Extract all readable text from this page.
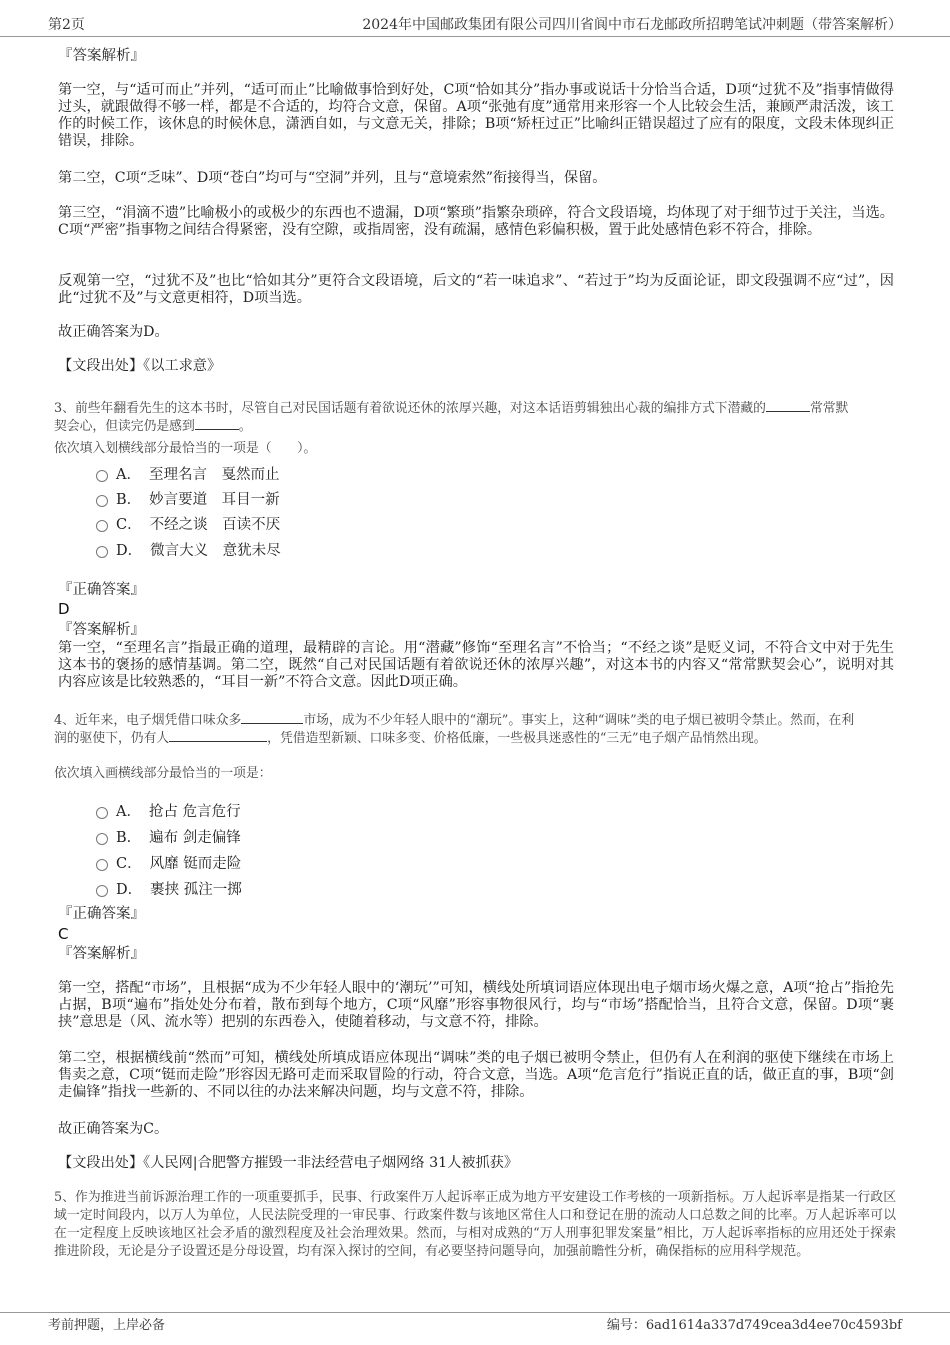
第2页	2024年中国邮政集团有限公司四川省阆中市石龙邮政所招聘笔试冲刺题（带答案解析）
『答案解析』

第一空，与“适可而止”并列，“适可而止”比喻做事恰到好处，C项“恰如其分”指办事或说话十分恰当合适，D项“过犹不及”指事情做得过头，就跟做得不够一样，都是不合适的，均符合文意，保留。A项“张弛有度”通常用来形容一个人比较会生活，兼顾严肃活泼，该工作的时候工作，该休息的时候休息，潇洒自如，与文意无关，排除；B项“矫枉过正”比喻纠正错误超过了应有的限度，文段未体现纠正错误，排除。

第二空，C项“乏味”、D项“苍白”均可与“空洞”并列，且与“意境索然”衔接得当，保留。

第三空，“涓滴不遗”比喻极小的或极少的东西也不遗漏，D项“繁琐”指繁杂琐碎，符合文段语境，均体现了对于细节过于关注，当选。C项“严密”指事物之间结合得紧密，没有空隙，或指周密，没有疏漏，感情色彩偏积极，置于此处感情色彩不符合，排除。

反观第一空，“过犹不及”也比“恰如其分”更符合文段语境，后文的“若一味追求”、“若过于”均为反面论证，即文段强调不应“过”，因此“过犹不及”与文意更相符，D项当选。

故正确答案为D。

【文段出处】《以工求意》

3、前些年翻看先生的这本书时，尽管自己对民国话题有着欲说还休的浓厚兴趣，对这本话语剪辑独出心裁的编排方式下潜藏的	常常默
契会心，但读完仍是感到	。

依次填入划横线部分最恰当的一项是（　　）。

A． 至理名言　戛然而止
B． 妙言要道　耳目一新
C． 不经之谈　百读不厌
D． 微言大义　意犹未尽
『正确答案』
D
『答案解析』

第一空，“至理名言”指最正确的道理，最精辟的言论。用“潜藏”修饰“至理名言”不恰当；“不经之谈”是贬义词，不符合文中对于先生这本书的褒扬的感情基调。第二空，既然“自己对民国话题有着欲说还休的浓厚兴趣”，对这本书的内容又“常常默契会心”，说明对其内容应该是比较熟悉的，“耳目一新”不符合文意。因此D项正确。

4、近年来，电子烟凭借口味众多	市场，成为不少年轻人眼中的“潮玩”。事实上，这种“调味”类的电子烟已被明令禁止。然而，在利
润的驱使下，仍有人	，凭借造型新颖、口味多变、价格低廉，一些极具迷惑性的“三无”电子烟产品悄然出现。

依次填入画横线部分最恰当的一项是：

A． 抢占 危言危行
B． 遍布 剑走偏锋
C． 风靡 铤而走险
D． 裹挟 孤注一掷
『正确答案』
C
『答案解析』

第一空，搭配“市场”，且根据“成为不少年轻人眼中的‘潮玩’”可知，横线处所填词语应体现出电子烟市场火爆之意，A项“抢占”指抢先占据，B项“遍布”指处处分布着，散布到每个地方，C项“风靡”形容事物很风行，均与“市场”搭配恰当，且符合文意，保留。D项“裹挟”意思是（风、流水等）把别的东西卷入，使随着移动，与文意不符，排除。

第二空，根据横线前“然而”可知，横线处所填成语应体现出“调味”类的电子烟已被明令禁止，但仍有人在利润的驱使下继续在市场上售卖之意，C项“铤而走险”形容因无路可走而采取冒险的行动，符合文意，当选。A项“危言危行”指说正直的话，做正直的事，B项“剑走偏锋”指找一些新的、不同以往的办法来解决问题，均与文意不符，排除。

故正确答案为C。

【文段出处】《人民网|合肥警方摧毁一非法经营电子烟网络 31人被抓获》

5、作为推进当前诉源治理工作的一项重要抓手，民事、行政案件万人起诉率正成为地方平安建设工作考核的一项新指标。万人起诉率是指某一行政区域一定时间段内，以万人为单位，人民法院受理的一审民事、行政案件数与该地区常住人口和登记在册的流动人口总数之间的比率。万人起诉率可以在一定程度上反映该地区社会矛盾的激烈程度及社会治理效果。然而，与相对成熟的“万人刑事犯罪发案量”相比，万人起诉率指标的应用还处于探索推进阶段，无论是分子设置还是分母设置，均有深入探讨的空间，有必要坚持问题导向，加强前瞻性分析，确保指标的应用科学规范。

考前押题，上岸必备	编号：6ad1614a337d749cea3d4ee70c4593bf
